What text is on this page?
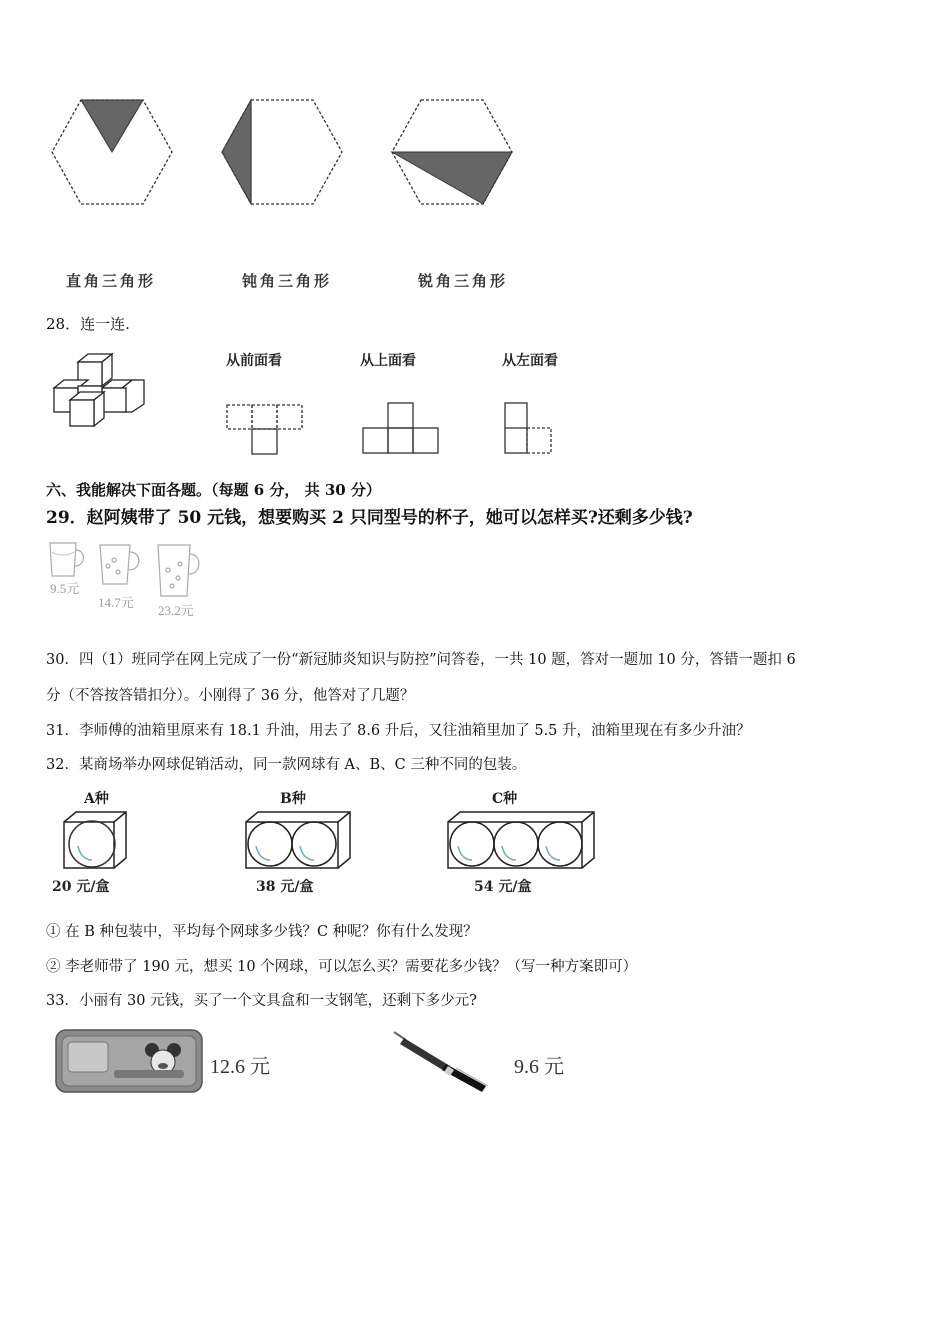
直角三角形	钝角三角形	锐角三角形
28．连一连.
从前面看	从上面看	从左面看
六、我能解决下面各题。（每题 6 分， 共 30 分）
29．赵阿姨带了 50 元钱，想要购买 2 只同型号的杯子，她可以怎样买?还剩多少钱?
9.5元
14.7元
23.2元
30．四（1）班同学在网上完成了一份“新冠肺炎知识与防控”问答卷，一共 10 题，答对一题加 10 分，答错一题扣 6
分（不答按答错扣分）。小刚得了 36 分，他答对了几题？
31．李师傅的油箱里原来有 18.1 升油，用去了 8.6 升后，又往油箱里加了 5.5 升，油箱里现在有多少升油？
32．某商场举办网球促销活动，同一款网球有 A、B、C 三种不同的包装。
A种	B种	C种
20 元/盒	38 元/盒	54 元/盒
① 在 B 种包装中，平均每个网球多少钱？C 种呢？你有什么发现？
② 李老师带了 190 元，想买 10 个网球，可以怎么买？需要花多少钱？（写一种方案即可）
33．小丽有 30 元钱，买了一个文具盒和一支钢笔，还剩下多少元?
12.6 元	9.6 元
